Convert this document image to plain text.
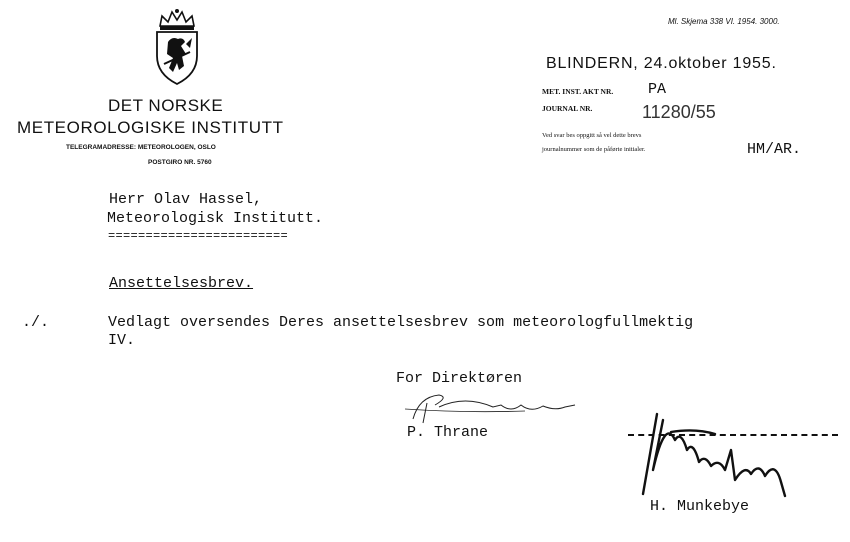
Ml. Skjema 338 VI. 1954. 3000.
DET NORSKE
METEOROLOGISKE INSTITUTT
TELEGRAMADRESSE: METEOROLOGEN, OSLO
POSTGIRO NR. 5760
BLINDERN, 24.oktober 1955.
MET. INST. AKT NR. PA
JOURNAL NR.	11280/55
Ved svar bes oppgitt så vel dette brevs
journalnummer som de påførte initialer.	HM/AR.
Herr Olav Hassel,
Meteorologisk Institutt.
========================
Ansettelsesbrev.
./.	Vedlagt oversendes Deres ansettelsesbrev som meteorologfullmektig
IV.
For Direktøren
P. Thrane
H. Munkebye
